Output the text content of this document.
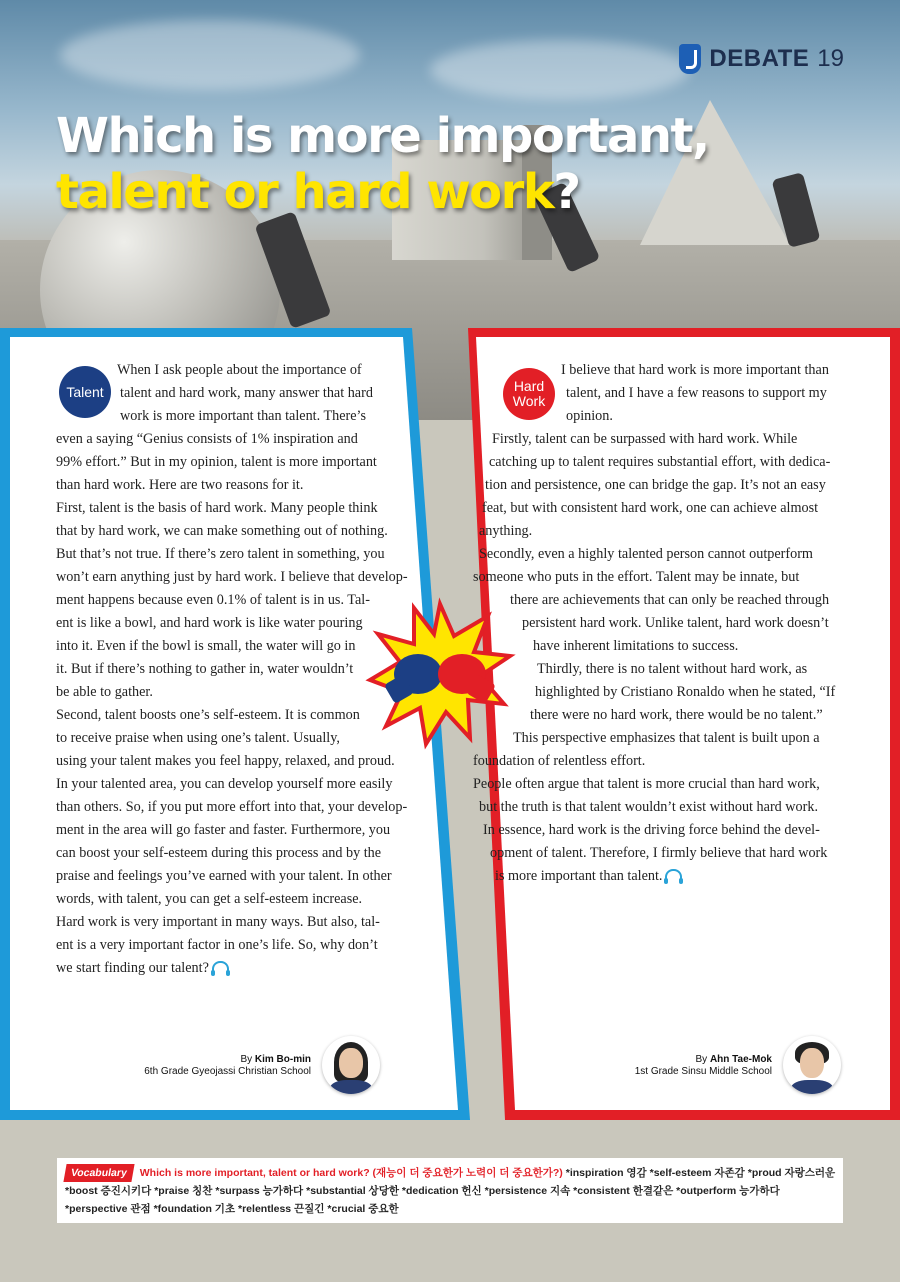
DEBATE 19
Which is more important,
talent or hard work?
Talent	Hard
Work
When I ask people about the importance of
talent and hard work, many answer that hard
work is more important than talent. There’s
even a saying “Genius consists of 1% inspiration and
99% effort.” But in my opinion, talent is more important
than hard work. Here are two reasons for it.
First, talent is the basis of hard work. Many people think
that by hard work, we can make something out of nothing.
But that’s not true. If there’s zero talent in something, you
won’t earn anything just by hard work. I believe that develop-
ment happens because even 0.1% of talent is in us. Tal-
ent is like a bowl, and hard work is like water pouring
into it. Even if the bowl is small, the water will go in
it. But if there’s nothing to gather in, water wouldn’t
be able to gather.
Second, talent boosts one’s self-esteem. It is common
to receive praise when using one’s talent. Usually,
using your talent makes you feel happy, relaxed, and proud.
In your talented area, you can develop yourself more easily
than others. So, if you put more effort into that, your develop-
ment in the area will go faster and faster. Furthermore, you
can boost your self-esteem during this process and by the
praise and feelings you’ve earned with your talent. In other
words, with talent, you can get a self-esteem increase.
Hard work is very important in many ways. But also, tal-
ent is a very important factor in one’s life. So, why don’t
we start finding our talent?
I believe that hard work is more important than
talent, and I have a few reasons to support my
opinion.
Firstly, talent can be surpassed with hard work. While
catching up to talent requires substantial effort, with dedica-
tion and persistence, one can bridge the gap. It’s not an easy
feat, but with consistent hard work, one can achieve almost
anything.
Secondly, even a highly talented person cannot outperform
someone who puts in the effort. Talent may be innate, but
there are achievements that can only be reached through
persistent hard work. Unlike talent, hard work doesn’t
have inherent limitations to success.
Thirdly, there is no talent without hard work, as
highlighted by Cristiano Ronaldo when he stated, “If
there were no hard work, there would be no talent.”
This perspective emphasizes that talent is built upon a
foundation of relentless effort.
People often argue that talent is more crucial than hard work,
but the truth is that talent wouldn’t exist without hard work.
In essence, hard work is the driving force behind the devel-
opment of talent. Therefore, I firmly believe that hard work
is more important than talent.
By Kim Bo-min
6th Grade Gyeojassi Christian School
By Ahn Tae-Mok
1st Grade Sinsu Middle School
Vocabulary Which is more important, talent or hard work? (재능이 더 중요한가 노력이 더 중요한가?) *inspiration 영감 *self-esteem 자존감 *proud 자랑스러운 *boost 증진시키다 *praise 칭찬 *surpass 능가하다 *substantial 상당한 *dedication 헌신 *persistence 지속 *consistent 한결같은 *outperform 능가하다 *perspective 관점 *foundation 기초 *relentless 끈질긴 *crucial 중요한
